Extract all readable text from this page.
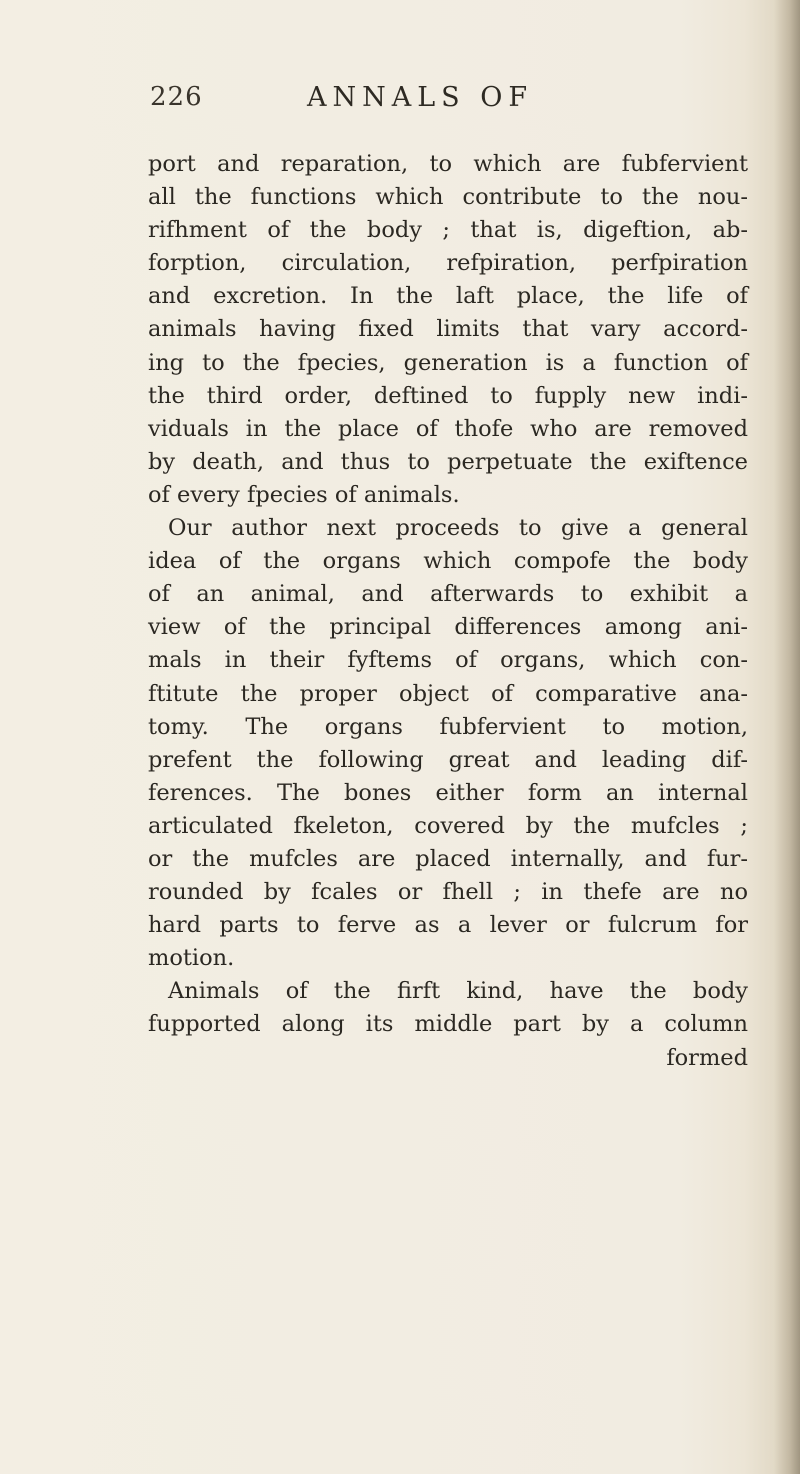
226	ANNALS OF
port and reparation, to which are fubfervient
all the functions which contribute to the nou-
rifhment of the body ; that is, digeftion, ab-
forption, circulation, refpiration, perfpiration
and excretion. In the laft place, the life of
animals having fixed limits that vary accord-
ing to the fpecies, generation is a function of
the third order, deftined to fupply new indi-
viduals in the place of thofe who are removed
by death, and thus to perpetuate the exiftence
of every fpecies of animals.
Our author next proceeds to give a general
idea of the organs which compofe the body
of an animal, and afterwards to exhibit a
view of the principal differences among ani-
mals in their fyftems of organs, which con-
ftitute the proper object of comparative ana-
tomy. The organs fubfervient to motion,
prefent the following great and leading dif-
ferences. The bones either form an internal
articulated fkeleton, covered by the mufcles ;
or the mufcles are placed internally, and fur-
rounded by fcales or fhell ; in thefe are no
hard parts to ferve as a lever or fulcrum for
motion.
Animals of the firft kind, have the body
fupported along its middle part by a column
formed
